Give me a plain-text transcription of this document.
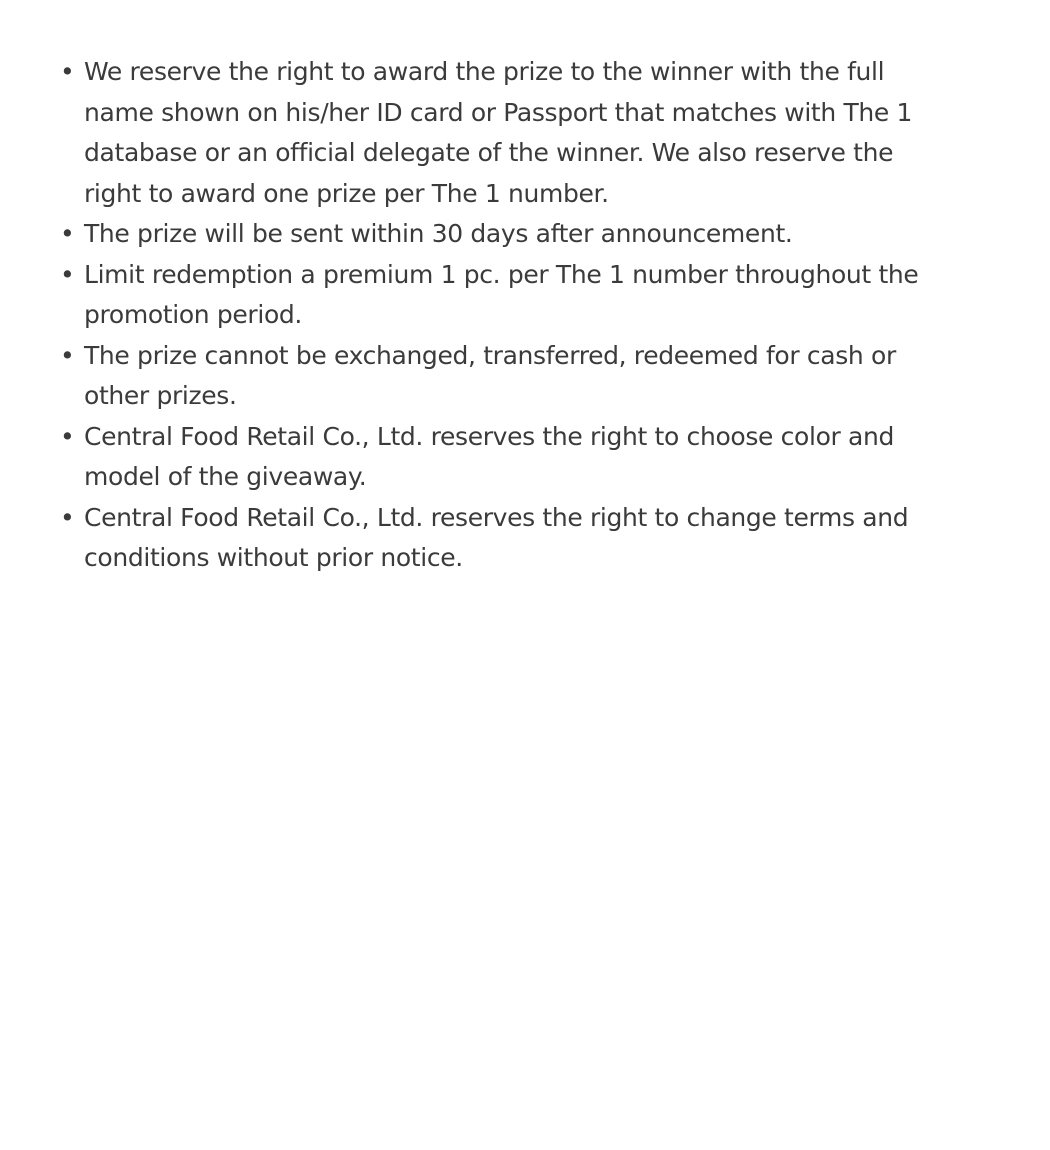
• We reserve the right to award the prize to the winner with the full
name shown on his/her ID card or Passport that matches with The 1
database or an official delegate of the winner. We also reserve the
right to award one prize per The 1 number.
• The prize will be sent within 30 days after announcement.
• Limit redemption a premium 1 pc. per The 1 number throughout the
promotion period.
• The prize cannot be exchanged, transferred, redeemed for cash or
other prizes.
• Central Food Retail Co., Ltd. reserves the right to choose color and
model of the giveaway.
• Central Food Retail Co., Ltd. reserves the right to change terms and
conditions without prior notice.
